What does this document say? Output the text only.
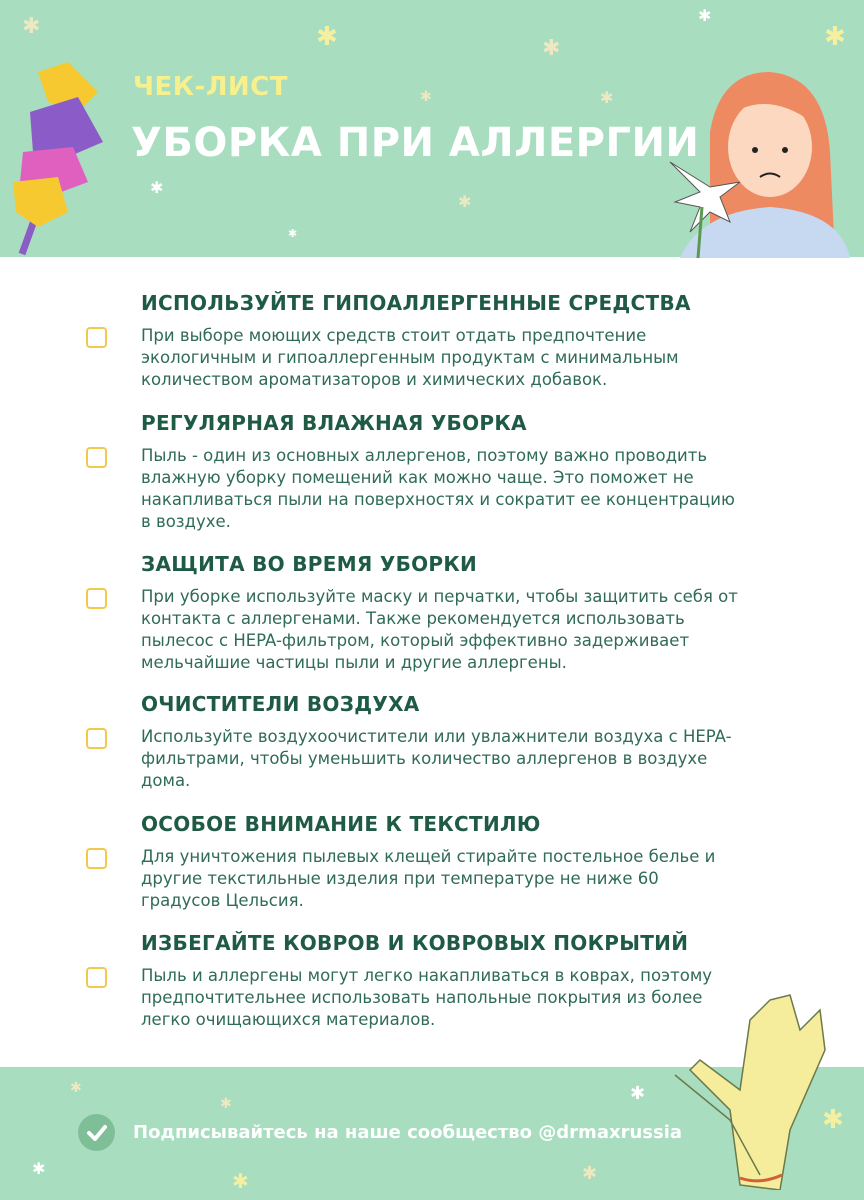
✱	✱	✱
✱
✱
✱	✱
✱
✱
✱
ЧЕК-ЛИСТ
УБОРКА ПРИ АЛЛЕРГИИ
ИСПОЛЬЗУЙТЕ ГИПОАЛЛЕРГЕННЫЕ СРЕДСТВА

При выборе моющих средств стоит отдать предпочтение экологичным и гипоаллергенным продуктам с минимальным количеством ароматизаторов и химических добавок.

РЕГУЛЯРНАЯ ВЛАЖНАЯ УБОРКА

Пыль - один из основных аллергенов, поэтому важно проводить влажную уборку помещений как можно чаще. Это поможет не накапливаться пыли на поверхностях и сократит ее концентрацию в воздухе.

ЗАЩИТА ВО ВРЕМЯ УБОРКИ

При уборке используйте маску и перчатки, чтобы защитить себя от контакта с аллергенами. Также рекомендуется использовать пылесос с HEPA-фильтром, который эффективно задерживает мельчайшие частицы пыли и другие аллергены.

ОЧИСТИТЕЛИ ВОЗДУХА

Используйте воздухоочистители или увлажнители воздуха с HEPA-фильтрами, чтобы уменьшить количество аллергенов в воздухе дома.

ОСОБОЕ ВНИМАНИЕ К ТЕКСТИЛЮ

Для уничтожения пылевых клещей стирайте постельное белье и другие текстильные изделия при температуре не ниже 60 градусов Цельсия.

ИЗБЕГАЙТЕ КОВРОВ И КОВРОВЫХ ПОКРЫТИЙ

Пыль и аллергены могут легко накапливаться в коврах, поэтому предпочтительнее использовать напольные покрытия из более легко очищающихся материалов.

✱
✱	✱
✱
✱
✱	✱
Подписывайтесь на наше сообщество @drmaxrussia
